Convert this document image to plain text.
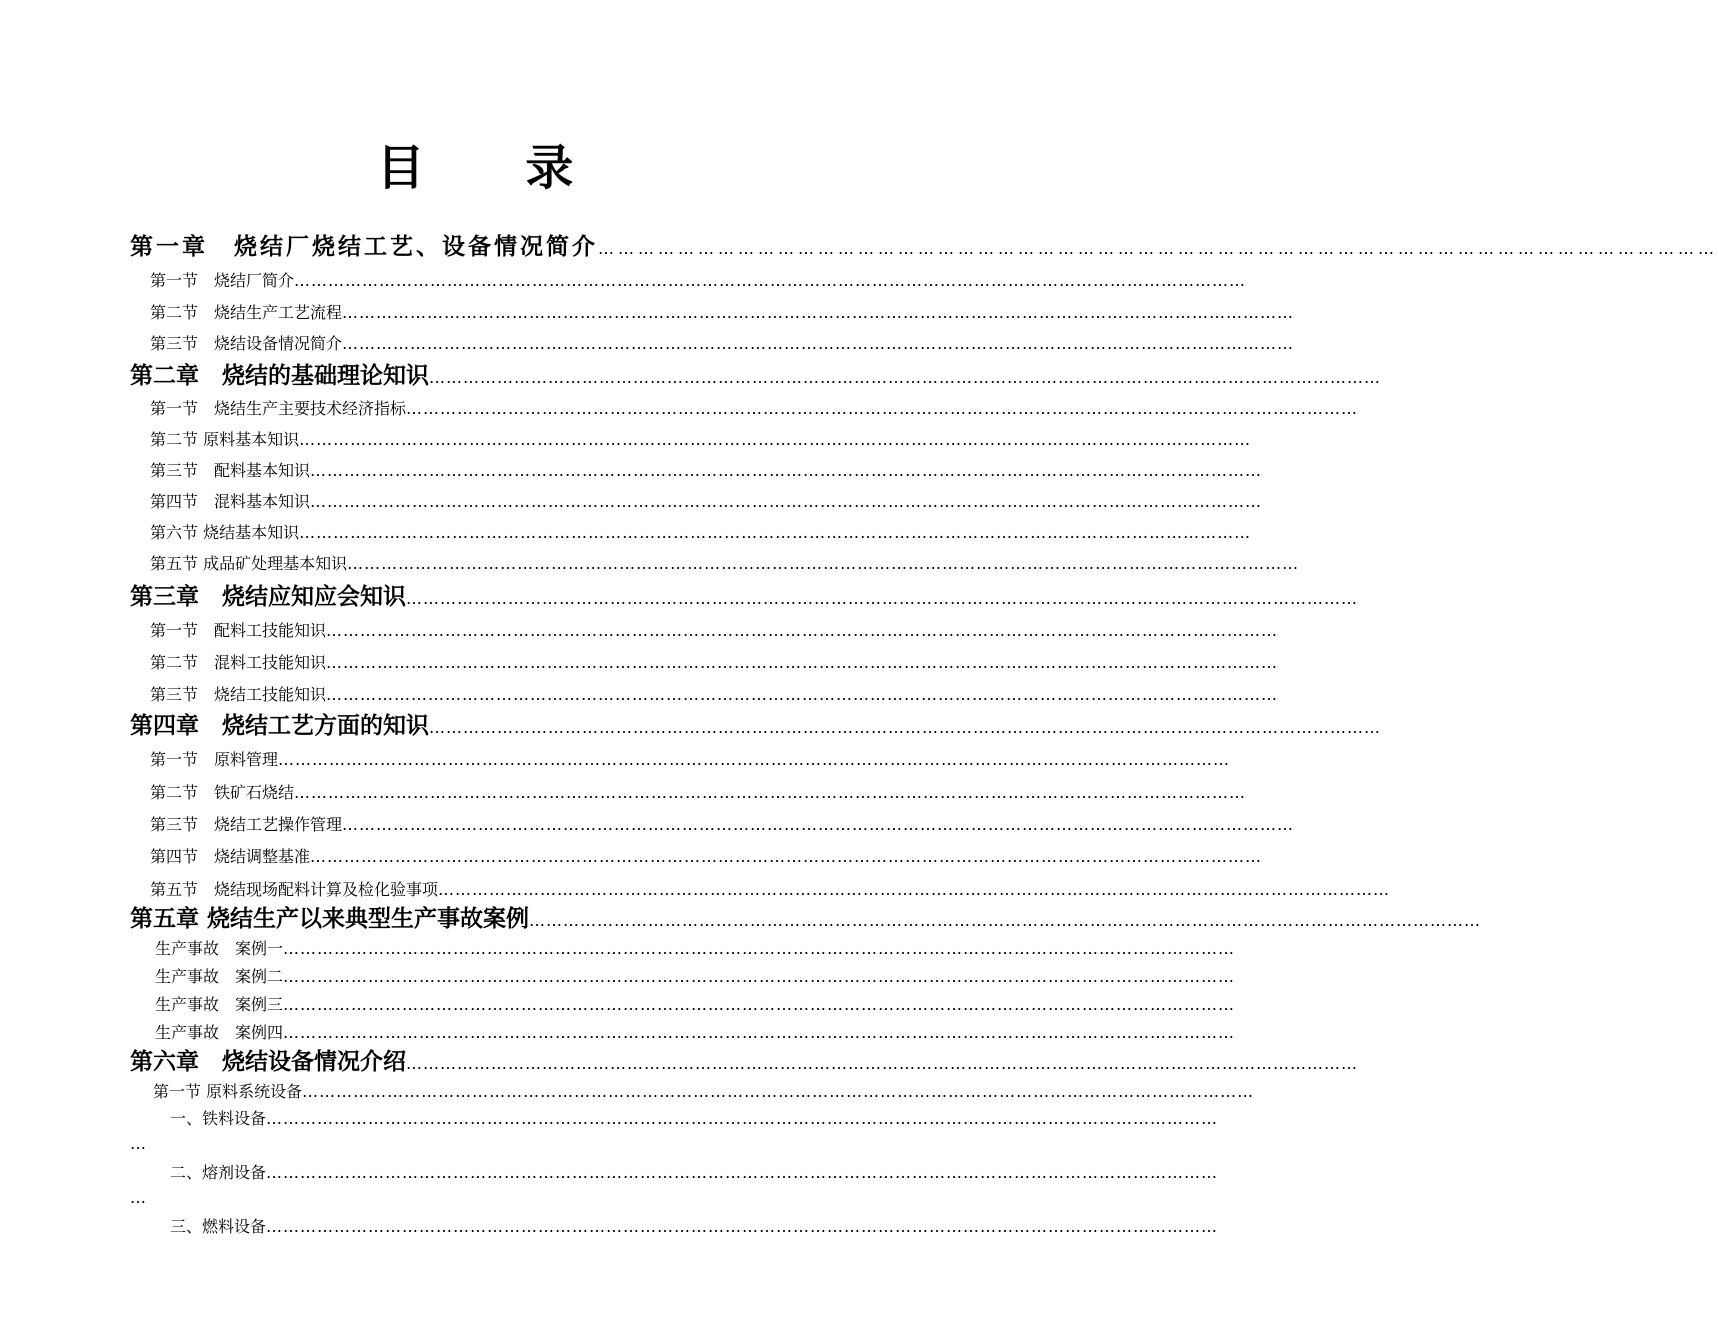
目 录
第一章　烧结厂烧结工艺、设备情况简介 ……………………………………………………………………………………………………………………………………………………
第一节　烧结厂简介 ……………………………………………………………………………………………………………………………………………………
第二节　烧结生产工艺流程 ……………………………………………………………………………………………………………………………………………………
第三节　烧结设备情况简介 ……………………………………………………………………………………………………………………………………………………
第二章　烧结的基础理论知识 ……………………………………………………………………………………………………………………………………………………
第一节　烧结生产主要技术经济指标 ……………………………………………………………………………………………………………………………………………………
第二节 原料基本知识 ……………………………………………………………………………………………………………………………………………………
第三节　配料基本知识 ……………………………………………………………………………………………………………………………………………………
第四节　混料基本知识 ……………………………………………………………………………………………………………………………………………………
第六节 烧结基本知识 ……………………………………………………………………………………………………………………………………………………
第五节 成品矿处理基本知识 ……………………………………………………………………………………………………………………………………………………
第三章　烧结应知应会知识 ……………………………………………………………………………………………………………………………………………………
第一节　配料工技能知识 ……………………………………………………………………………………………………………………………………………………
第二节　混料工技能知识 ……………………………………………………………………………………………………………………………………………………
第三节　烧结工技能知识 ……………………………………………………………………………………………………………………………………………………
第四章　烧结工艺方面的知识 ……………………………………………………………………………………………………………………………………………………
第一节　原料管理 ……………………………………………………………………………………………………………………………………………………
第二节　铁矿石烧结 ……………………………………………………………………………………………………………………………………………………
第三节　烧结工艺操作管理 ……………………………………………………………………………………………………………………………………………………
第四节　烧结调整基准 ……………………………………………………………………………………………………………………………………………………
第五节　烧结现场配料计算及检化验事项 ……………………………………………………………………………………………………………………………………………………
第五章 烧结生产以来典型生产事故案例 ……………………………………………………………………………………………………………………………………………………
生产事故　案例一 ……………………………………………………………………………………………………………………………………………………
生产事故　案例二 ……………………………………………………………………………………………………………………………………………………
生产事故　案例三 ……………………………………………………………………………………………………………………………………………………
生产事故　案例四 ……………………………………………………………………………………………………………………………………………………
第六章　烧结设备情况介绍 ……………………………………………………………………………………………………………………………………………………
第一节 原料系统设备 ……………………………………………………………………………………………………………………………………………………
一、铁料设备 ……………………………………………………………………………………………………………………………………………………
…
二、熔剂设备 ……………………………………………………………………………………………………………………………………………………
…
三、燃料设备 ……………………………………………………………………………………………………………………………………………………
